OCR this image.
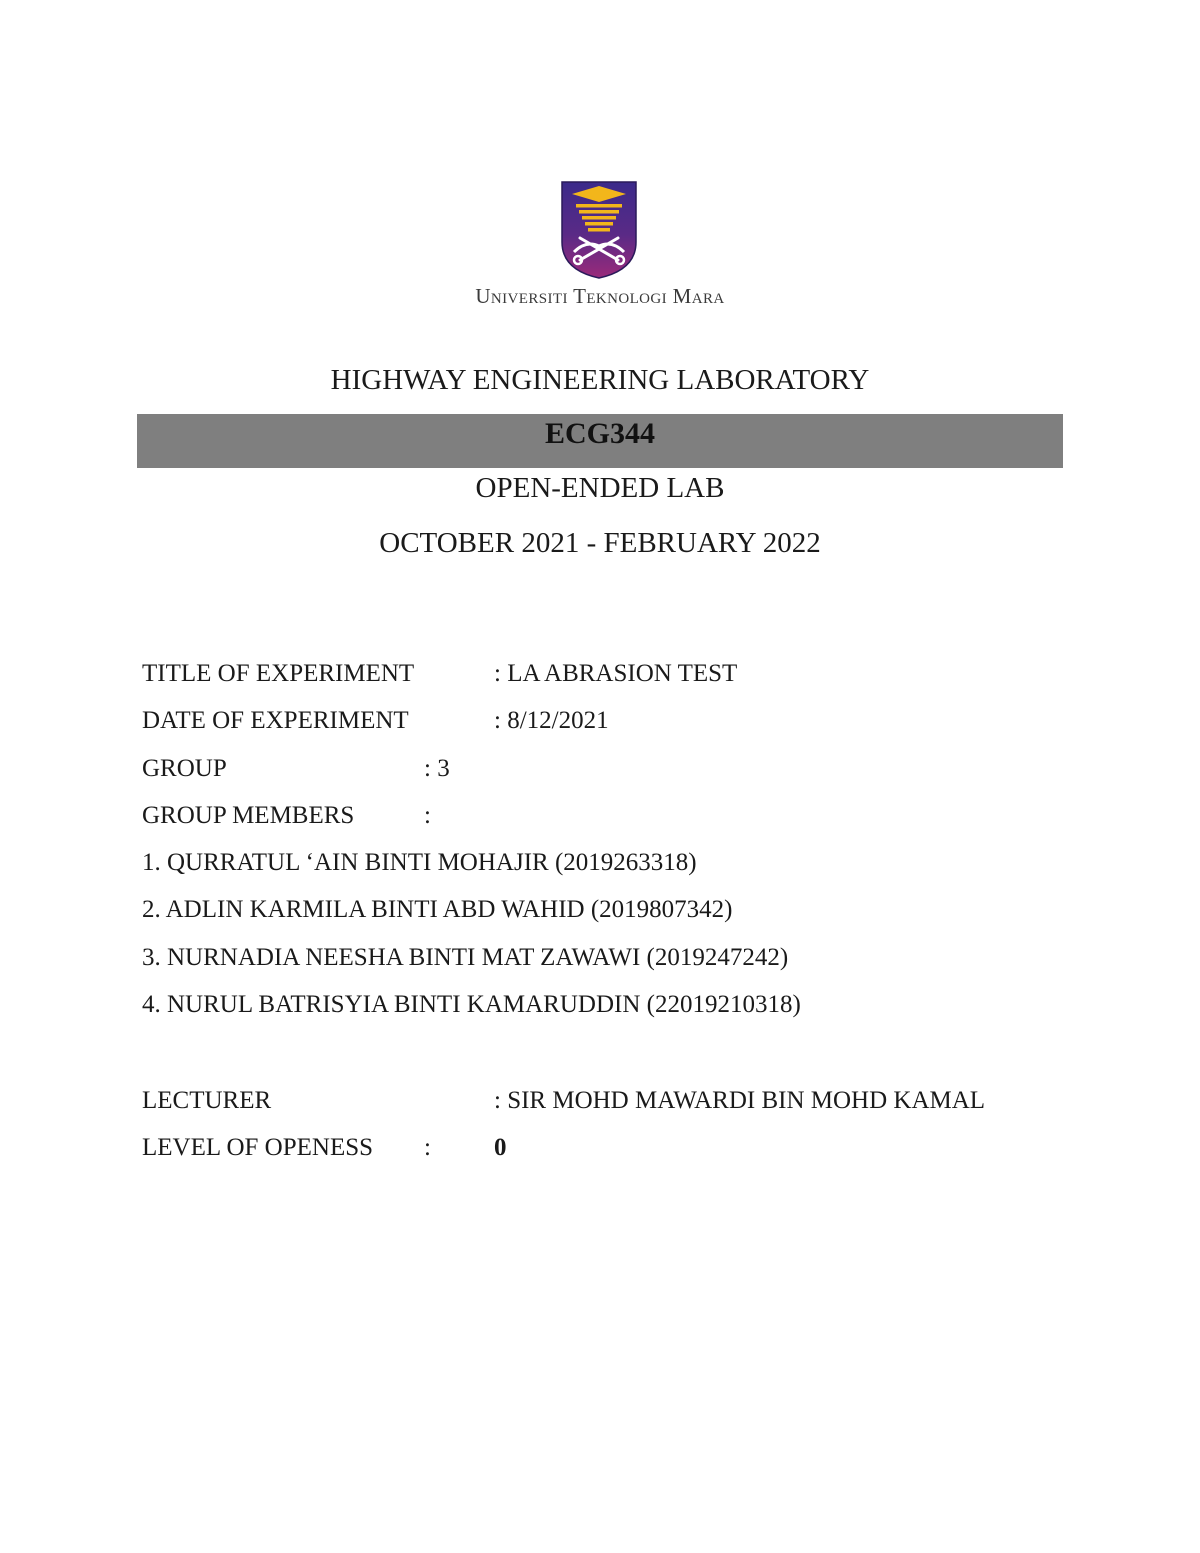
Universiti Teknologi Mara
HIGHWAY ENGINEERING LABORATORY
ECG344
OPEN-ENDED LAB
OCTOBER 2021 - FEBRUARY 2022
TITLE OF EXPERIMENT	: LA ABRASION TEST
DATE OF EXPERIMENT	: 8/12/2021
GROUP	: 3
GROUP MEMBERS	:
1. QURRATUL ‘AIN BINTI MOHAJIR (2019263318)
2. ADLIN KARMILA BINTI ABD WAHID (2019807342)
3. NURNADIA NEESHA BINTI MAT ZAWAWI (2019247242)
4. NURUL BATRISYIA BINTI KAMARUDDIN (22019210318)
LECTURER	: SIR MOHD MAWARDI BIN MOHD KAMAL
LEVEL OF OPENESS :	0
